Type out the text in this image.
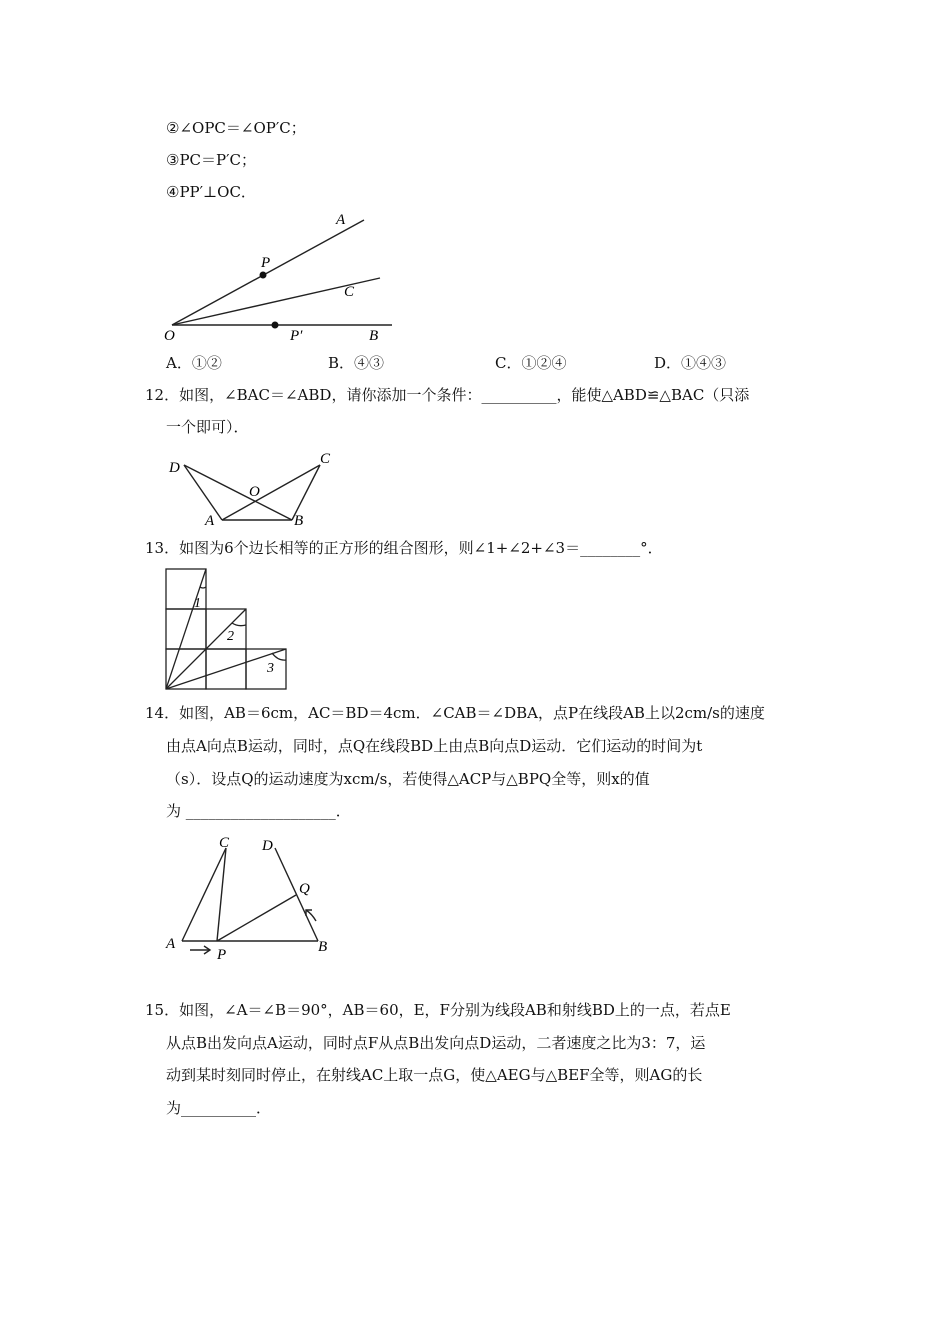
②∠OPC＝∠OP′C；
③PC＝P′C；
④PP′⊥OC．
A
P
C
O	P′	B
A．①②	B．④③	C．①②④	D．①④③
12．如图，∠BAC＝∠ABD，请你添加一个条件：__________，能使△ABD≌△BAC（只添
一个即可）．
D
C
O
A	B
13．如图为6个边长相等的正方形的组合图形，则∠1+∠2+∠3＝________°．
1
2
3
14．如图，AB＝6cm，AC＝BD＝4cm．∠CAB＝∠DBA，点P在线段AB上以2cm/s的速度
由点A向点B运动，同时，点Q在线段BD上由点B向点D运动．它们运动的时间为t
（s）．设点Q的运动速度为xcm/s，若使得△ACP与△BPQ全等，则x的值
为 ____________________．
C D
Q
A
P	B
15．如图，∠A＝∠B＝90°，AB＝60，E，F分别为线段AB和射线BD上的一点，若点E
从点B出发向点A运动，同时点F从点B出发向点D运动，二者速度之比为3：7，运
动到某时刻同时停止，在射线AC上取一点G，使△AEG与△BEF全等，则AG的长
为__________．
